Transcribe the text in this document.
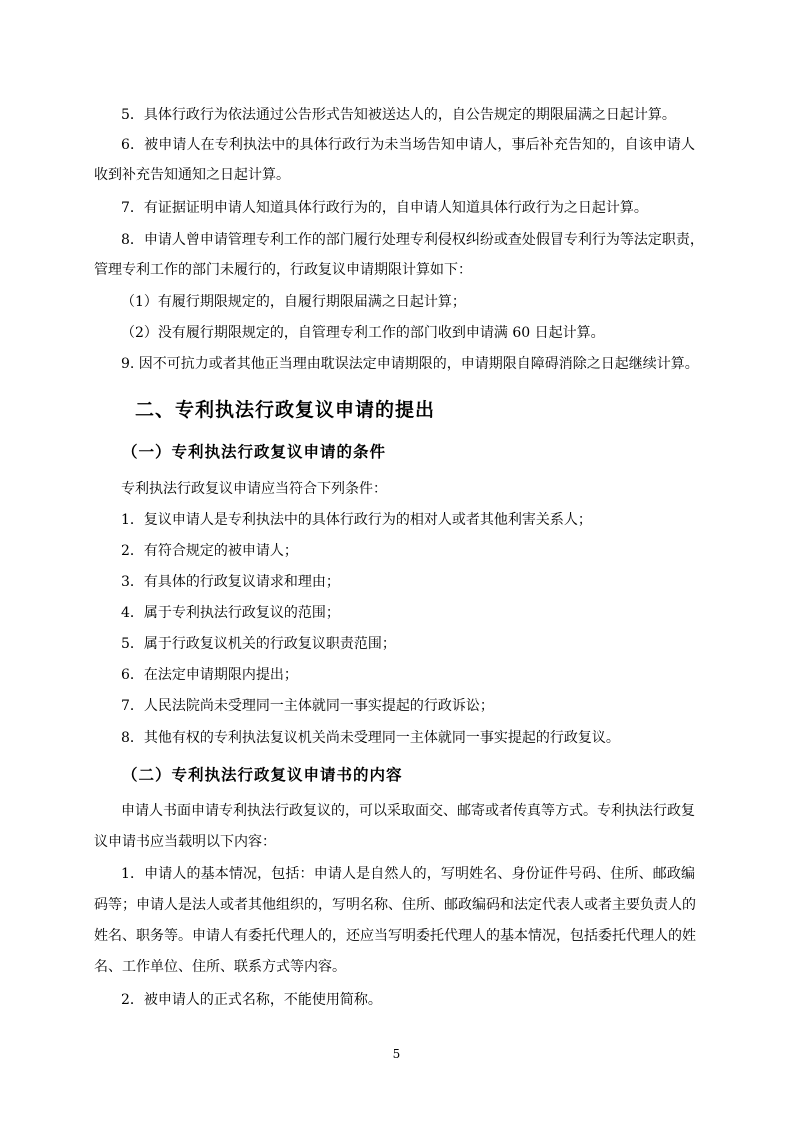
5．具体行政行为依法通过公告形式告知被送达人的，自公告规定的期限届满之日起计算。

6．被申请人在专利执法中的具体行政行为未当场告知申请人，事后补充告知的，自该申请人

收到补充告知通知之日起计算。

7．有证据证明申请人知道具体行政行为的，自申请人知道具体行政行为之日起计算。

8．申请人曾申请管理专利工作的部门履行处理专利侵权纠纷或查处假冒专利行为等法定职责，

管理专利工作的部门未履行的，行政复议申请期限计算如下：

（1）有履行期限规定的，自履行期限届满之日起计算；

（2）没有履行期限规定的，自管理专利工作的部门收到申请满 60 日起计算。

9. 因不可抗力或者其他正当理由耽误法定申请期限的，申请期限自障碍消除之日起继续计算。

二、专利执法行政复议申请的提出
（一）专利执法行政复议申请的条件

专利执法行政复议申请应当符合下列条件：

1．复议申请人是专利执法中的具体行政行为的相对人或者其他利害关系人；

2．有符合规定的被申请人；

3．有具体的行政复议请求和理由；

4．属于专利执法行政复议的范围；

5．属于行政复议机关的行政复议职责范围；

6．在法定申请期限内提出；

7．人民法院尚未受理同一主体就同一事实提起的行政诉讼；

8．其他有权的专利执法复议机关尚未受理同一主体就同一事实提起的行政复议。

（二）专利执法行政复议申请书的内容

申请人书面申请专利执法行政复议的，可以采取面交、邮寄或者传真等方式。专利执法行政复

议申请书应当载明以下内容：

1．申请人的基本情况，包括：申请人是自然人的，写明姓名、身份证件号码、住所、邮政编

码等；申请人是法人或者其他组织的，写明名称、住所、邮政编码和法定代表人或者主要负责人的

姓名、职务等。申请人有委托代理人的，还应当写明委托代理人的基本情况，包括委托代理人的姓

名、工作单位、住所、联系方式等内容。

2．被申请人的正式名称，不能使用简称。

5
